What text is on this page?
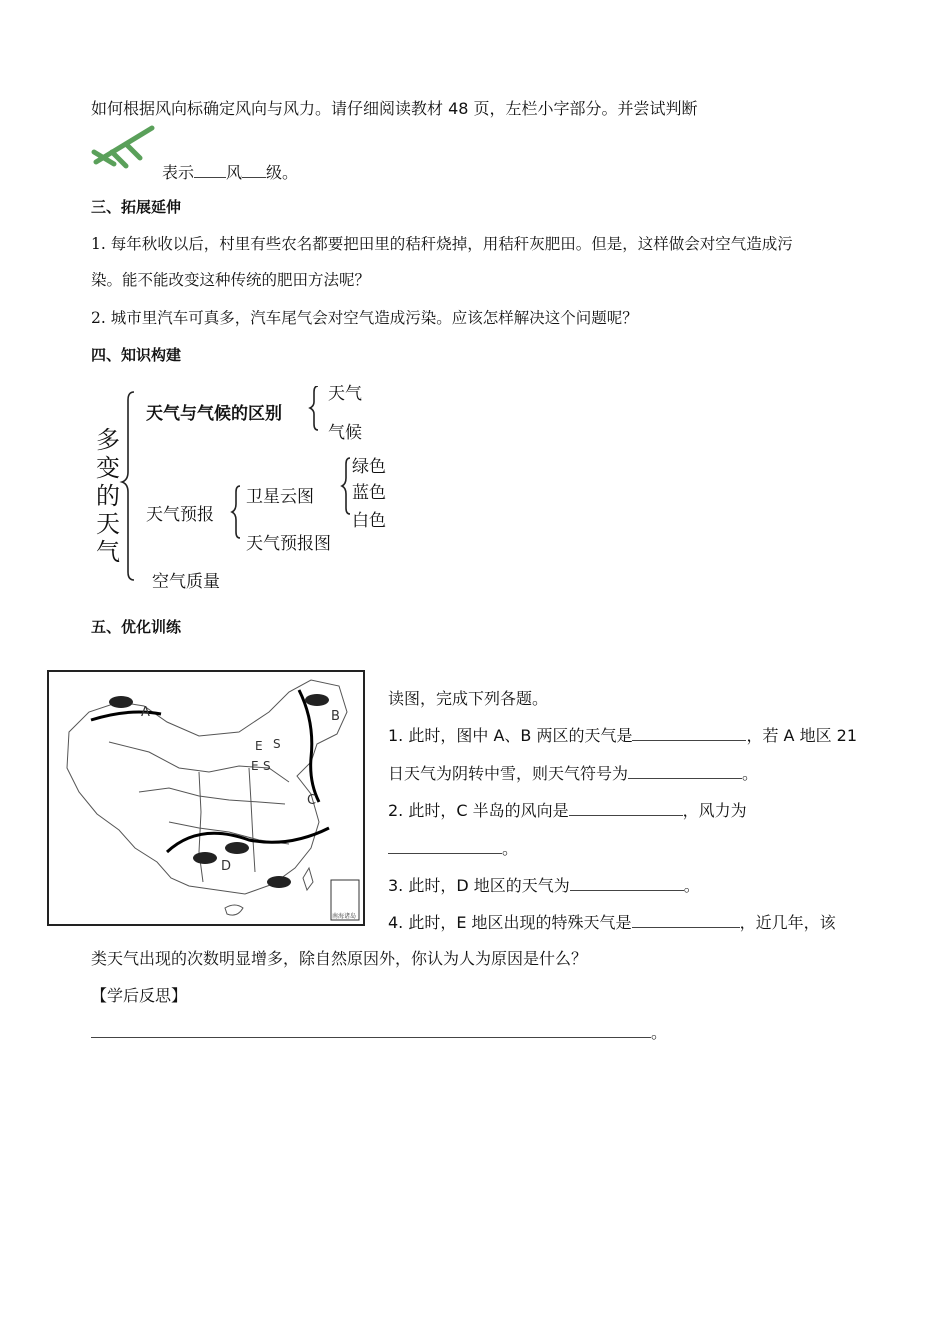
如何根据风向标确定风向与风力。请仔细阅读教材 48 页，左栏小字部分。并尝试判断
表示 风 级。
三、拓展延伸
1. 每年秋收以后，村里有些农名都要把田里的秸秆烧掉，用秸秆灰肥田。但是，这样做会对空气造成污
染。能不能改变这种传统的肥田方法呢？
2. 城市里汽车可真多，汽车尾气会对空气造成污染。应该怎样解决这个问题呢？
四、知识构建
多变的天气
天气与气候的区别
天气
气候
天气预报
卫星云图
绿色
蓝色
白色
天气预报图
空气质量
五、优化训练
A	B
C
D
E S
E S
南海诸岛
读图，完成下列各题。
1. 此时，图中 A、B 两区的天气是	，若 A 地区 21
日天气为阴转中雪，则天气符号为	。
2. 此时，C 半岛的风向是	，风力为
。
3. 此时，D 地区的天气为	。
4. 此时，E 地区出现的特殊天气是	，近几年，该
类天气出现的次数明显增多，除自然原因外，你认为人为原因是什么？
【学后反思】
。
